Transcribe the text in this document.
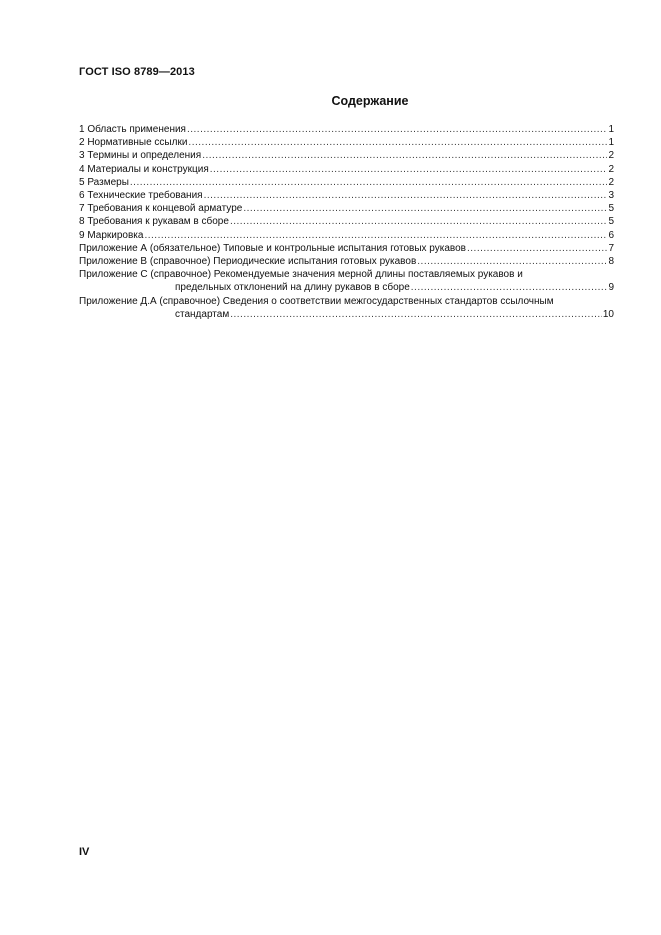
ГОСТ ISO 8789—2013
Содержание
1 Область применения .....	1
2 Нормативные ссылки .....	1
3 Термины и определения .....	2
4 Материалы и конструкция .....	2
5 Размеры .....	2
6 Технические требования .....	3
7 Требования к концевой арматуре .....	5
8 Требования к рукавам в сборе .....	5
9 Маркировка .....	6
Приложение А (обязательное) Типовые и контрольные испытания готовых рукавов .....	7
Приложение В (справочное) Периодические испытания готовых рукавов .....	8
Приложение С (справочное) Рекомендуемые значения мерной длины поставляемых рукавов и
предельных отклонений на длину рукавов в сборе .....	9
Приложение Д.А (справочное) Сведения о соответствии межгосударственных стандартов ссылочным
стандартам .....	10
IV
